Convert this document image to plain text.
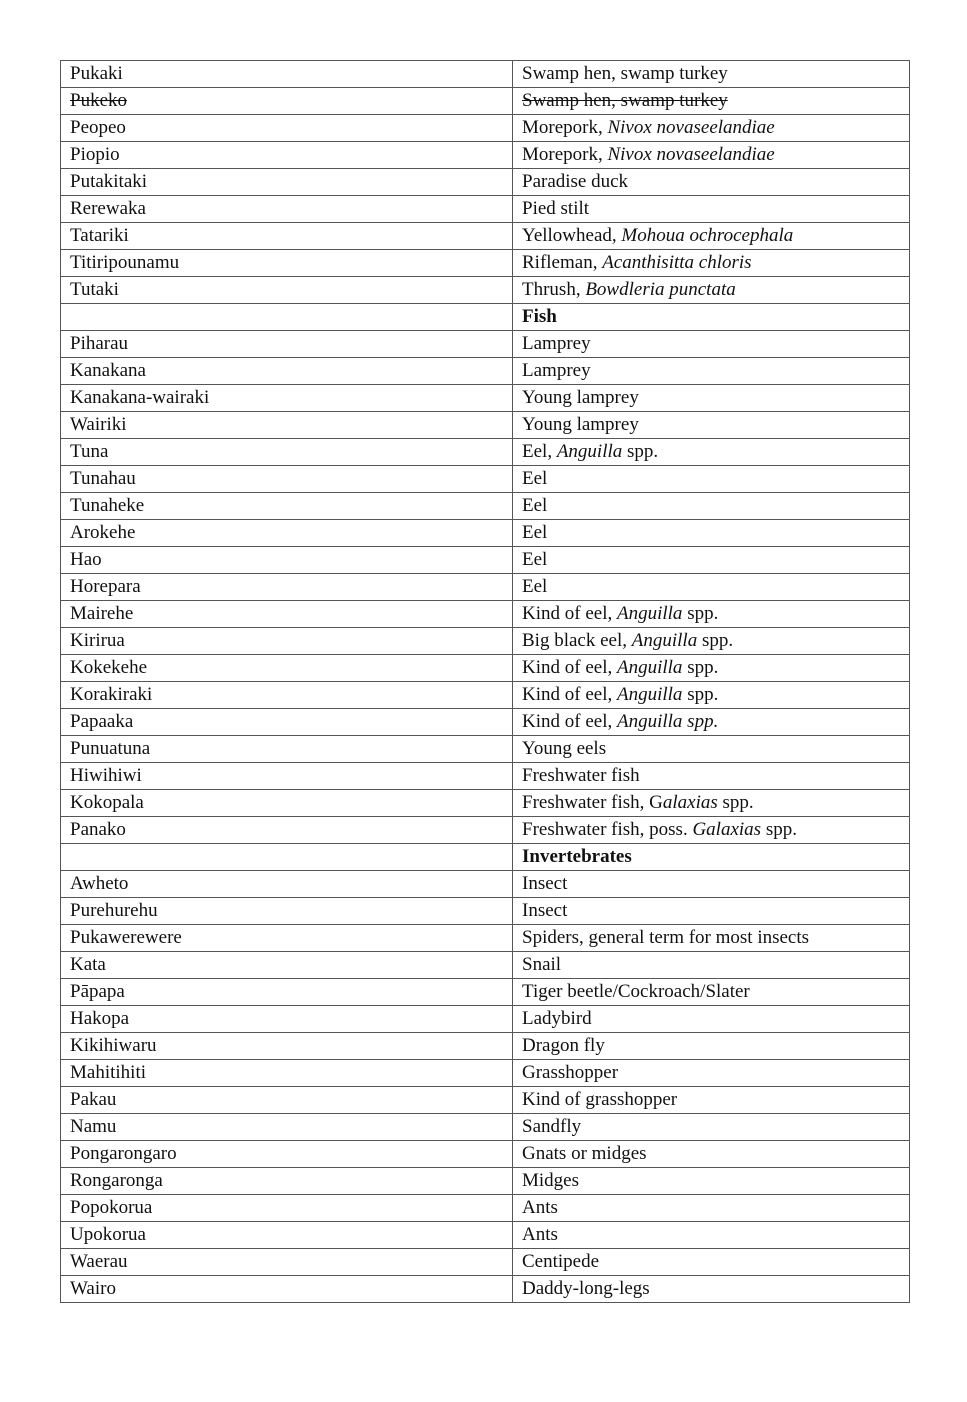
Pukaki	Swamp hen, swamp turkey
Pukeko	Swamp hen, swamp turkey
Peopeo	Morepork, Nivox novaseelandiae
Piopio	Morepork, Nivox novaseelandiae
Putakitaki	Paradise duck
Rerewaka	Pied stilt
Tatariki	Yellowhead, Mohoua ochrocephala
Titiripounamu	Rifleman, Acanthisitta chloris
Tutaki	Thrush, Bowdleria punctata
	Fish
Piharau	Lamprey
Kanakana	Lamprey
Kanakana-wairaki	Young lamprey
Wairiki	Young lamprey
Tuna	Eel, Anguilla spp.
Tunahau	Eel
Tunaheke	Eel
Arokehe	Eel
Hao	Eel
Horepara	Eel
Mairehe	Kind of eel, Anguilla spp.
Kirirua	Big black eel, Anguilla spp.
Kokekehe	Kind of eel, Anguilla spp.
Korakiraki	Kind of eel, Anguilla spp.
Papaaka	Kind of eel, Anguilla spp.
Punuatuna	Young eels
Hiwihiwi	Freshwater fish
Kokopala	Freshwater fish, Galaxias spp.
Panako	Freshwater fish, poss. Galaxias spp.
	Invertebrates
Awheto	Insect
Purehurehu	Insect
Pukawerewere	Spiders, general term for most insects
Kata	Snail
Pāpapa	Tiger beetle/Cockroach/Slater
Hakopa	Ladybird
Kikihiwaru	Dragon fly
Mahitihiti	Grasshopper
Pakau	Kind of grasshopper
Namu	Sandfly
Pongarongaro	Gnats or midges
Rongaronga	Midges
Popokorua	Ants
Upokorua	Ants
Waerau	Centipede
Wairo	Daddy-long-legs
